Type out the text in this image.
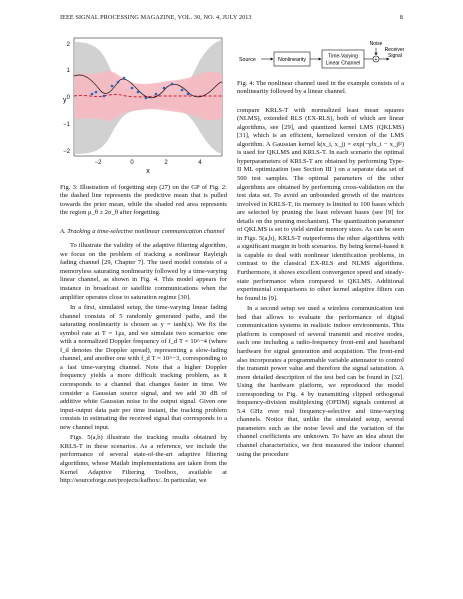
IEEE SIGNAL PROCESSING MAGAZINE, VOL. 30, NO. 4, JULY 2013	8
2
1
0
−1
−2
y
−2	0	2	4
x
Fig. 3: Illustration of forgetting step (27) on the GP of Fig. 2: the dashed line represents the predictive mean that is pulled towards the prior mean, while the shaded red area represents the region μ_θ ± 2σ_θ after forgetting.
A. Tracking a time-selective nonlinear communication channel

To illustrate the validity of the adaptive filtering algorithm, we focus on the problem of tracking a nonlinear Rayleigh fading channel [29, Chapter 7]. The used model consists of a memoryless saturating nonlinearity followed by a time-varying linear channel, as shown in Fig. 4. This model appears for instance in broadcast or satellite communications when the amplifier operates close to saturation regime [30].

In a first, simulated setup, the time-varying linear fading channel consists of 5 randomly generated paths, and the saturating nonlinearity is chosen as y = tanh(x). We fix the symbol rate at T = 1μs, and we simulate two scenarios: one with a normalized Doppler frequency of f_d T = 10^−4 (where f_d denotes the Doppler spread), representing a slow-fading channel, and another one with f_d T = 10^−3, corresponding to a fast time-varying channel. Note that a higher Doppler frequency yields a more difficult tracking problem, as it corresponds to a channel that changes faster in time. We consider a Gaussian source signal, and we add 30 dB of additive white Gaussian noise to the output signal. Given one input-output data pair per time instant, the tracking problem consists in estimating the received signal that corresponds to a new channel input.

Figs. 5(a,b) illustrate the tracking results obtained by KRLS-T in these scenarios. As a reference, we include the performance of several state-of-the-art adaptive filtering algorithms, whose Matlab implementations are taken from the Kernel Adaptive Filtering Toolbox, available at http://sourceforge.net/projects/kafbox/. In particular, we

Source	Nonlinearity
Time-Varying
Linear Channel
+
Noise
Received
Signal
Fig. 4: The nonlinear channel used in the example consists of a nonlinearity followed by a linear channel.

compare KRLS-T with normalized least mean squares (NLMS), extended RLS (EX-RLS), both of which are linear algorithms, see [29], and quantized kernel LMS (QKLMS) [31], which is an efficient, kernelized version of the LMS algorithm. A Gaussian kernel k(x_i, x_j) = exp(−γ‖x_i − x_j‖²) is used for QKLMS and KRLS-T. In each scenario the optimal hyperparameters of KRLS-T are obtained by performing Type-II ML optimization (see Section III ) on a separate data set of 500 test samples. The optimal parameters of the other algorithms are obtained by performing cross-validation on the test data set. To avoid an unbounded growth of the matrices involved in KRLS-T, its memory is limited to 100 bases which are selected by pruning the least relevant bases (see [9] for details on the pruning mechanism). The quantization parameter of QKLMS is set to yield similar memory sizes. As can be seen in Figs. 5(a,b), KRLS-T outperforms the other algorithms with a significant margin in both scenarios. By being kernel-based it is capable to deal with nonlinear identification problems, in contrast to the classical EX-RLS and NLMS algorithms. Furthermore, it shows excellent convergence speed and steady-state performance when compared to QKLMS. Additional experimental comparisons to other kernel adaptive filters can be found in [9].

In a second setup we used a wireless communication test bed that allows to evaluate the performance of digital communication systems in realistic indoor environments. This platform is composed of several transmit and receive nodes, each one including a radio-frequency front-end and baseband hardware for signal generation and acquisition. The front-end also incorporates a programmable variable attenuator to control the transmit power value and therefore the signal saturation. A more detailed description of the test bed can be found in [32]. Using the hardware platform, we reproduced the model corresponding to Fig. 4 by transmitting clipped orthogonal frequency-division multiplexing (OFDM) signals centered at 5.4 GHz over real frequency-selective and time-varying channels. Notice that, unlike the simulated setup, several parameters such as the noise level and the variation of the channel coefficients are unknown. To have an idea about the channel characteristics, we first measured the indoor channel using the procedure
